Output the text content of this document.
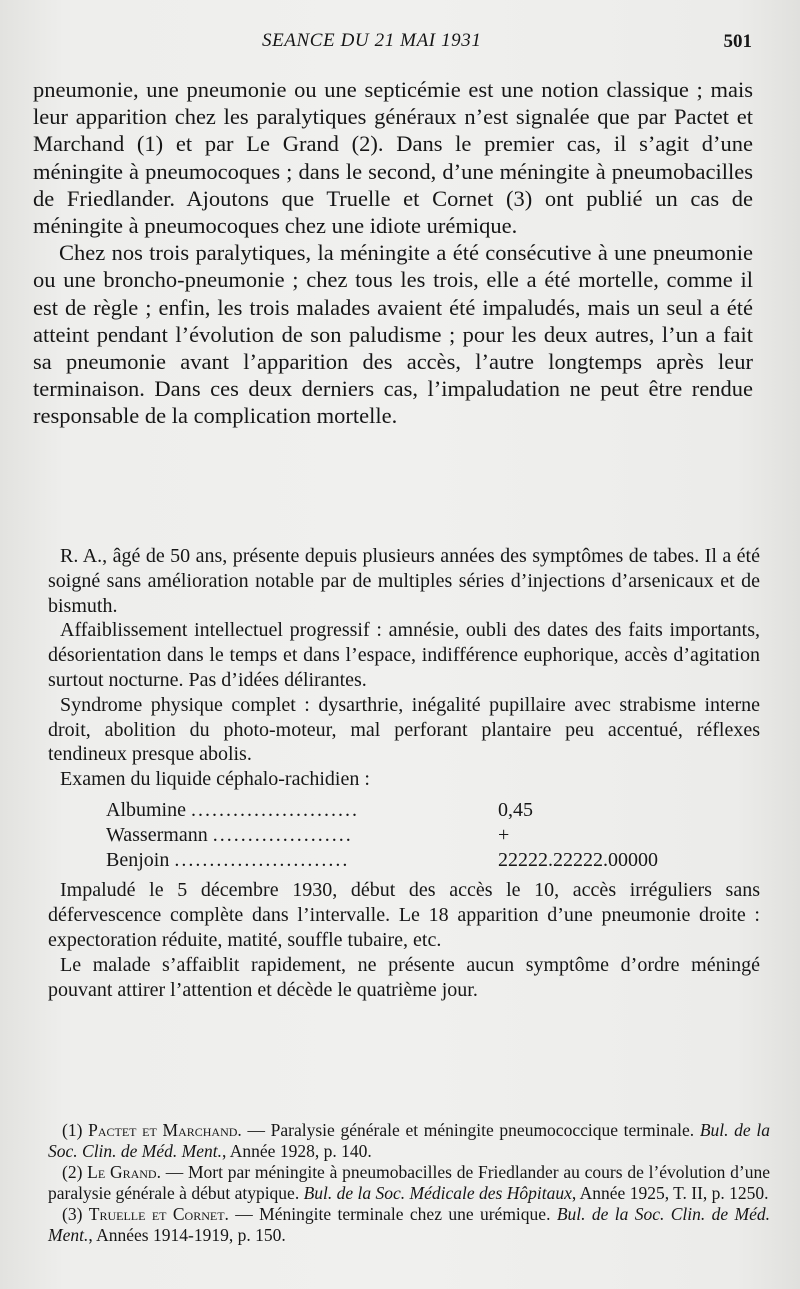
SEANCE DU 21 MAI 1931	501

pneumonie, une pneumonie ou une septicémie est une notion classique ; mais leur apparition chez les paralytiques généraux n’est signalée que par Pactet et Marchand (1) et par Le Grand (2). Dans le premier cas, il s’agit d’une méningite à pneumocoques ; dans le second, d’une méningite à pneumobacilles de Friedlander. Ajoutons que Truelle et Cornet (3) ont publié un cas de méningite à pneumocoques chez une idiote urémique.

Chez nos trois paralytiques, la méningite a été consécutive à une pneumonie ou une broncho-pneumonie ; chez tous les trois, elle a été mortelle, comme il est de règle ; enfin, les trois malades avaient été impaludés, mais un seul a été atteint pendant l’évolution de son paludisme ; pour les deux autres, l’un a fait sa pneumonie avant l’apparition des accès, l’autre longtemps après leur terminaison. Dans ces deux derniers cas, l’impaludation ne peut être rendue responsable de la complication mortelle.

R. A., âgé de 50 ans, présente depuis plusieurs années des symptômes de tabes. Il a été soigné sans amélioration notable par de multiples séries d’injections d’arsenicaux et de bismuth.

Affaiblissement intellectuel progressif : amnésie, oubli des dates des faits importants, désorientation dans le temps et dans l’espace, indifférence euphorique, accès d’agitation surtout nocturne. Pas d’idées délirantes.

Syndrome physique complet : dysarthrie, inégalité pupillaire avec strabisme interne droit, abolition du photo-moteur, mal perforant plantaire peu accentué, réflexes tendineux presque abolis.

Examen du liquide céphalo-rachidien :

Albumine ........................	0,45
Wassermann ....................	+
Benjoin .........................	22222.22222.00000

Impaludé le 5 décembre 1930, début des accès le 10, accès irréguliers sans défervescence complète dans l’intervalle. Le 18 apparition d’une pneumonie droite : expectoration réduite, matité, souffle tubaire, etc.

Le malade s’affaiblit rapidement, ne présente aucun symptôme d’ordre méningé pouvant attirer l’attention et décède le quatrième jour.

(1) Pactet et Marchand. — Paralysie générale et méningite pneumococcique terminale. Bul. de la Soc. Clin. de Méd. Ment., Année 1928, p. 140.

(2) Le Grand. — Mort par méningite à pneumobacilles de Friedlander au cours de l’évolution d’une paralysie générale à début atypique. Bul. de la Soc. Médicale des Hôpitaux, Année 1925, T. II, p. 1250.

(3) Truelle et Cornet. — Méningite terminale chez une urémique. Bul. de la Soc. Clin. de Méd. Ment., Années 1914-1919, p. 150.
